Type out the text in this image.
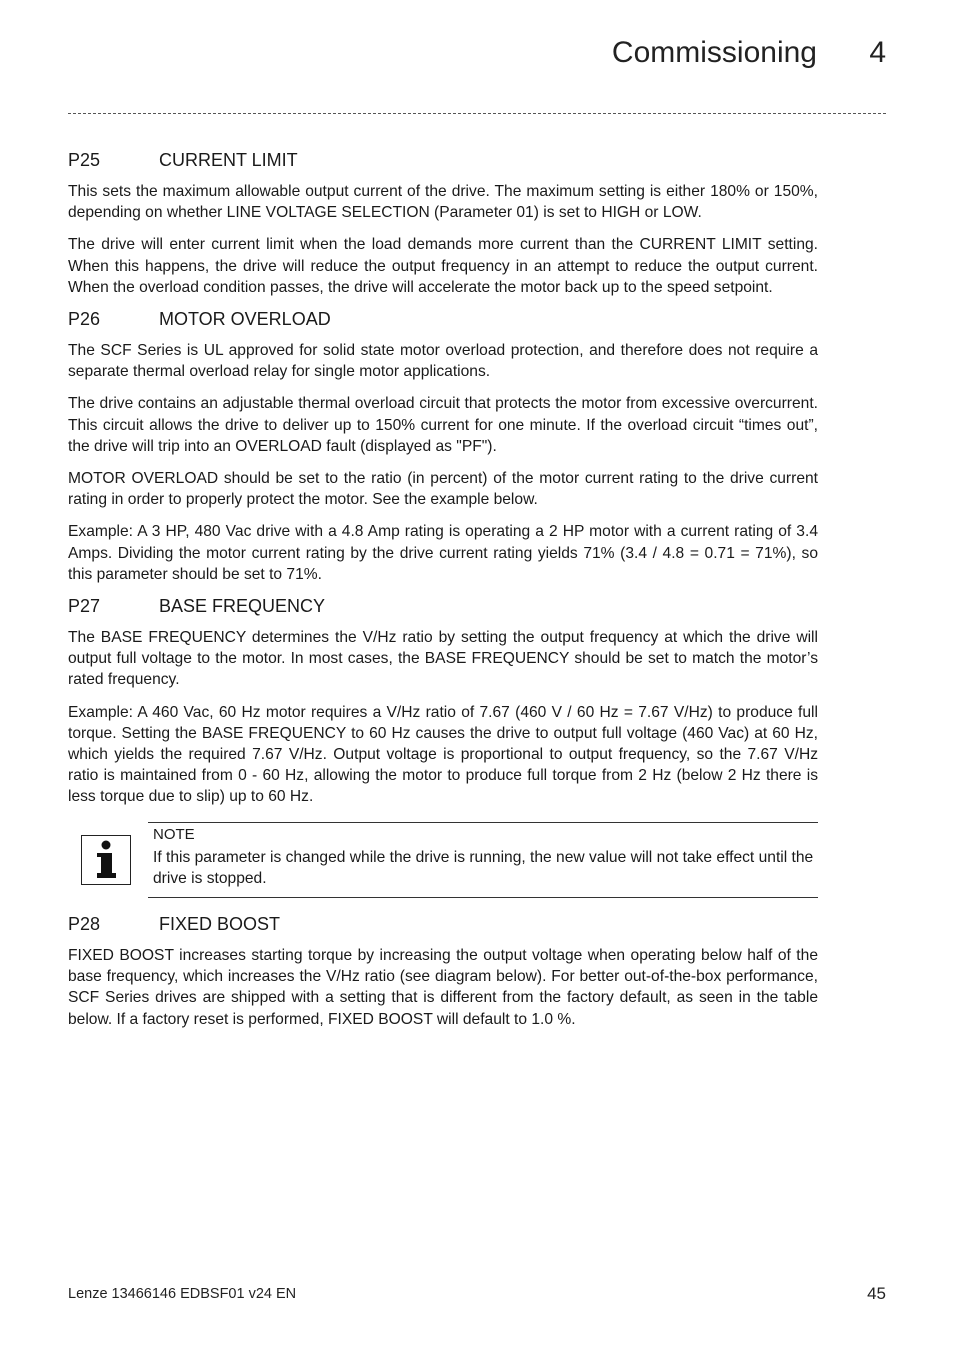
Commissioning 4
P25	CURRENT LIMIT

This sets the maximum allowable output current of the drive. The maximum setting is either 180% or 150%, depending on whether LINE VOLTAGE SELECTION (Parameter 01) is set to HIGH or LOW.

The drive will enter current limit when the load demands more current than the CURRENT LIMIT setting. When this happens, the drive will reduce the output frequency in an attempt to reduce the output current. When the overload condition passes, the drive will accelerate the motor back up to the speed setpoint.

P26	MOTOR OVERLOAD

The SCF Series is UL approved for solid state motor overload protection, and therefore does not require a separate thermal overload relay for single motor applications.

The drive contains an adjustable thermal overload circuit that protects the motor from excessive overcurrent. This circuit allows the drive to deliver up to 150% current for one minute. If the overload circuit “times out”, the drive will trip into an OVERLOAD fault (displayed as "PF").

MOTOR OVERLOAD should be set to the ratio (in percent) of the motor current rating to the drive current rating in order to properly protect the motor. See the example below.

Example: A 3 HP, 480 Vac drive with a 4.8 Amp rating is operating a 2 HP motor with a current rating of 3.4 Amps. Dividing the motor current rating by the drive current rating yields 71% (3.4 / 4.8 = 0.71 = 71%), so this parameter should be set to 71%.

P27	BASE FREQUENCY

The BASE FREQUENCY determines the V/Hz ratio by setting the output frequency at which the drive will output full voltage to the motor. In most cases, the BASE FREQUENCY should be set to match the motor’s rated frequency.

Example: A 460 Vac, 60 Hz motor requires a V/Hz ratio of 7.67 (460 V / 60 Hz = 7.67 V/Hz) to produce full torque. Setting the BASE FREQUENCY to 60 Hz causes the drive to output full voltage (460 Vac) at 60 Hz, which yields the required 7.67 V/Hz. Output voltage is proportional to output frequency, so the 7.67 V/Hz ratio is maintained from 0 - 60 Hz, allowing the motor to produce full torque from 2 Hz (below 2 Hz there is less torque due to slip) up to 60 Hz.

NOTE
If this parameter is changed while the drive is running, the new value will not take effect until the drive is stopped.
P28	FIXED BOOST

FIXED BOOST increases starting torque by increasing the output voltage when operating below half of the base frequency, which increases the V/Hz ratio (see diagram below). For better out-of-the-box performance, SCF Series drives are shipped with a setting that is different from the factory default, as seen in the table below. If a factory reset is performed, FIXED BOOST will default to 1.0 %.

Lenze 13466146 EDBSF01 v24 EN	45
